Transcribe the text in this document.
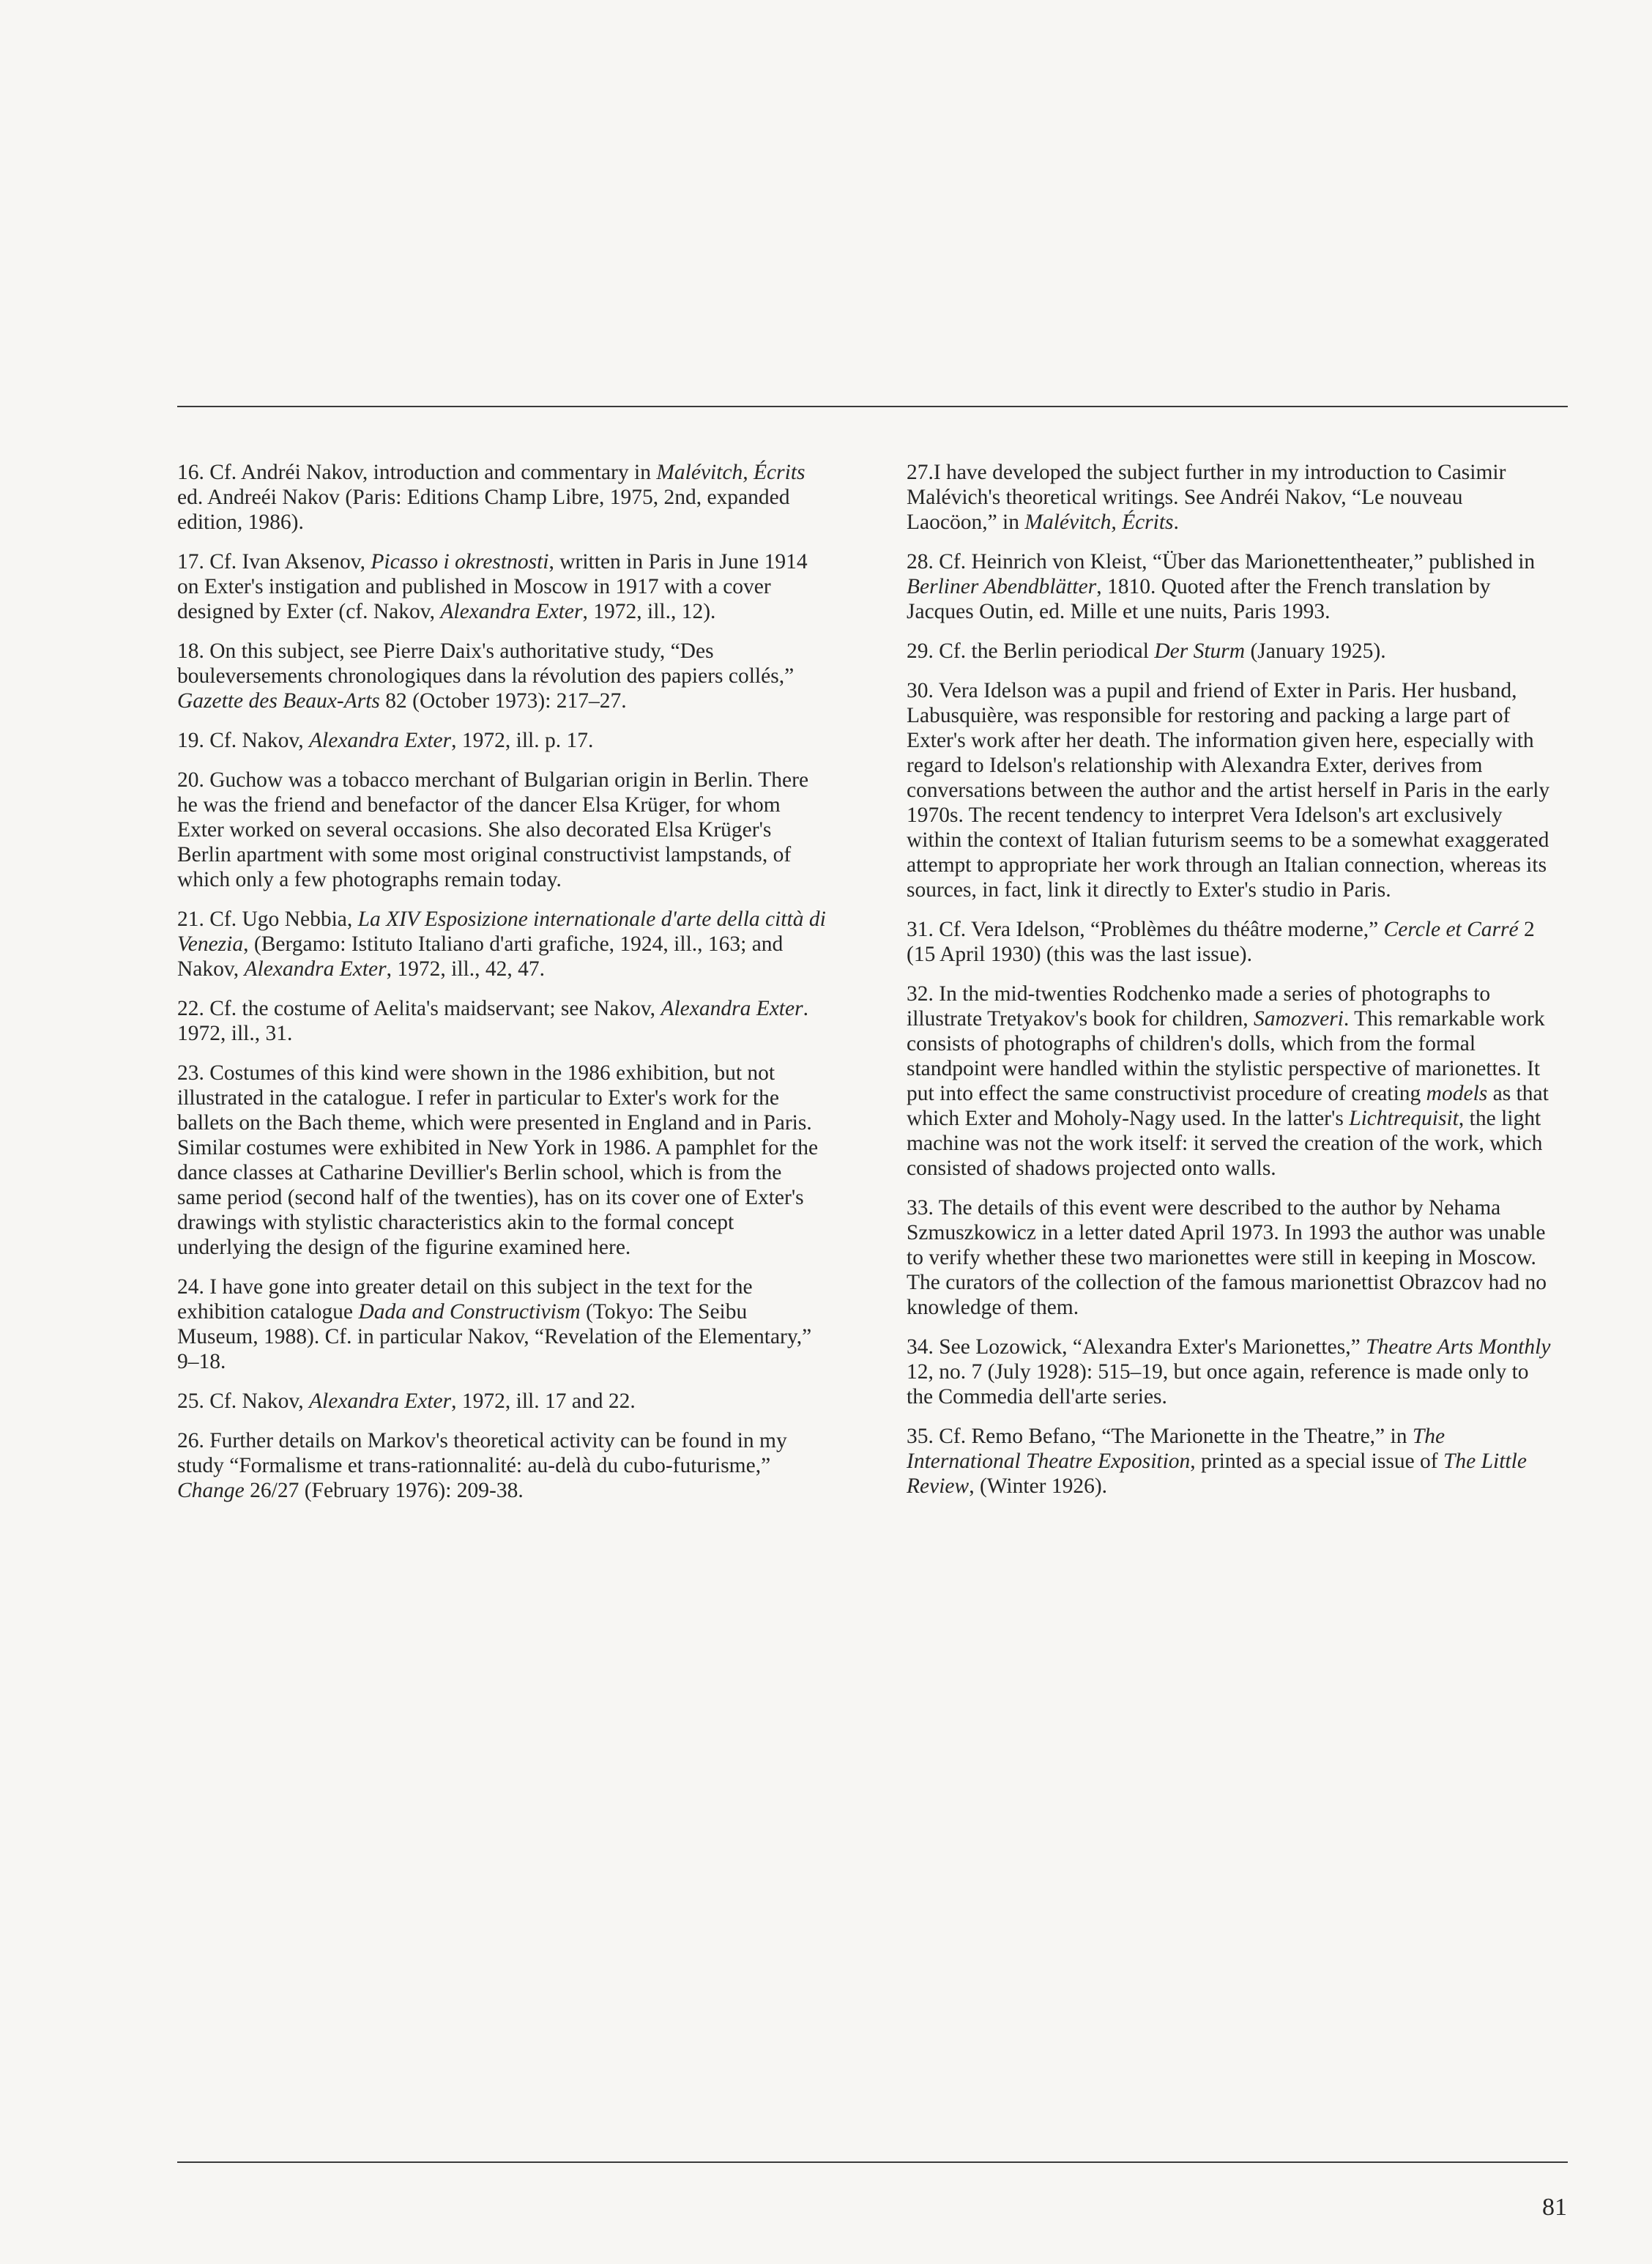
16. Cf. Andréi Nakov, introduction and commentary in Malévitch, Écrits ed. Andreéi Nakov (Paris: Editions Champ Libre, 1975, 2nd, expanded edition, 1986).

17. Cf. Ivan Aksenov, Picasso i okrestnosti, written in Paris in June 1914 on Exter's instigation and published in Moscow in 1917 with a cover designed by Exter (cf. Nakov, Alexandra Exter, 1972, ill., 12).

18. On this subject, see Pierre Daix's authoritative study, “Des bouleversements chronologiques dans la révolution des papiers collés,” Gazette des Beaux-Arts 82 (October 1973): 217–27.

19. Cf. Nakov, Alexandra Exter, 1972, ill. p. 17.

20. Guchow was a tobacco merchant of Bulgarian origin in Berlin. There he was the friend and benefactor of the dancer Elsa Krüger, for whom Exter worked on several occasions. She also decorated Elsa Krüger's Berlin apartment with some most original constructivist lampstands, of which only a few photographs remain today.

21. Cf. Ugo Nebbia, La XIV Esposizione internationale d'arte della città di Venezia, (Bergamo: Istituto Italiano d'arti grafiche, 1924, ill., 163; and Nakov, Alexandra Exter, 1972, ill., 42, 47.

22. Cf. the costume of Aelita's maidservant; see Nakov, Alexandra Exter. 1972, ill., 31.

23. Costumes of this kind were shown in the 1986 exhibition, but not illustrated in the catalogue. I refer in particular to Exter's work for the ballets on the Bach theme, which were presented in England and in Paris. Similar costumes were exhibited in New York in 1986. A pamphlet for the dance classes at Catharine Devillier's Berlin school, which is from the same period (second half of the twenties), has on its cover one of Exter's drawings with stylistic characteristics akin to the formal concept underlying the design of the figurine examined here.

24. I have gone into greater detail on this subject in the text for the exhibition catalogue Dada and Constructivism (Tokyo: The Seibu Museum, 1988). Cf. in particular Nakov, “Revelation of the Elementary,” 9–18.

25. Cf. Nakov, Alexandra Exter, 1972, ill. 17 and 22.

26. Further details on Markov's theoretical activity can be found in my study “Formalisme et trans-rationnalité: au-delà du cubo-futurisme,” Change 26/27 (February 1976): 209-38.

27.I have developed the subject further in my introduction to Casimir Malévich's theoretical writings. See Andréi Nakov, “Le nouveau Laocöon,” in Malévitch, Écrits.

28. Cf. Heinrich von Kleist, “Über das Marionettentheater,” published in Berliner Abendblätter, 1810. Quoted after the French translation by Jacques Outin, ed. Mille et une nuits, Paris 1993.

29. Cf. the Berlin periodical Der Sturm (January 1925).

30. Vera Idelson was a pupil and friend of Exter in Paris. Her husband, Labusquière, was responsible for restoring and packing a large part of Exter's work after her death. The information given here, especially with regard to Idelson's relationship with Alexandra Exter, derives from conversations between the author and the artist herself in Paris in the early 1970s. The recent tendency to interpret Vera Idelson's art exclusively within the context of Italian futurism seems to be a somewhat exaggerated attempt to appropriate her work through an Italian connection, whereas its sources, in fact, link it directly to Exter's studio in Paris.

31. Cf. Vera Idelson, “Problèmes du théâtre moderne,” Cercle et Carré 2 (15 April 1930) (this was the last issue).

32. In the mid-twenties Rodchenko made a series of photographs to illustrate Tretyakov's book for children, Samozveri. This remarkable work consists of photographs of children's dolls, which from the formal standpoint were handled within the stylistic perspective of marionettes. It put into effect the same constructivist procedure of creating models as that which Exter and Moholy-Nagy used. In the latter's Lichtrequisit, the light machine was not the work itself: it served the creation of the work, which consisted of shadows projected onto walls.

33. The details of this event were described to the author by Nehama Szmuszkowicz in a letter dated April 1973. In 1993 the author was unable to verify whether these two marionettes were still in keeping in Moscow. The curators of the collection of the famous marionettist Obrazcov had no knowledge of them.

34. See Lozowick, “Alexandra Exter's Marionettes,” Theatre Arts Monthly 12, no. 7 (July 1928): 515–19, but once again, reference is made only to the Commedia dell'arte series.

35. Cf. Remo Befano, “The Marionette in the Theatre,” in The International Theatre Exposition, printed as a special issue of The Little Review, (Winter 1926).

81
